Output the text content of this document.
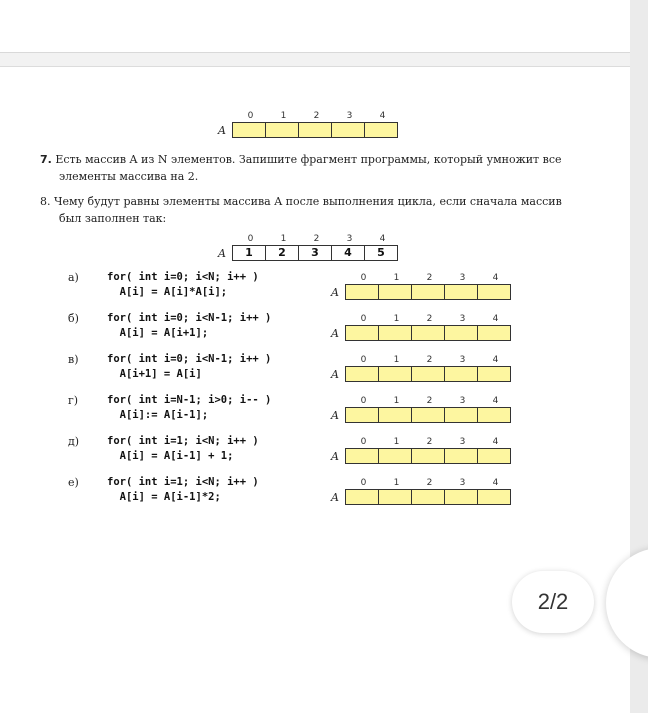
0	1	2	3	4
A
7. Есть массив A из N элементов. Запишите фрагмент программы, который умножит все
элементы массива на 2.
8. Чему будут равны элементы массива A после выполнения цикла, если сначала массив
был заполнен так:
0	1	2	3	4
A	1	2	3	4	5
а)	for( int i=0; i<N; i++ )
A[i] = A[i]*A[i];
0	1	2	3	4
A
б)	for( int i=0; i<N-1; i++ )
A[i] = A[i+1];
0	1	2	3	4
A
в)	for( int i=0; i<N-1; i++ )
A[i+1] = A[i]
0	1	2	3	4
A
г)	for( int i=N-1; i>0; i-- )
A[i]:= A[i-1];
0	1	2	3	4
A
д)	for( int i=1; i<N; i++ )
A[i] = A[i-1] + 1;
0	1	2	3	4
A
е)	for( int i=1; i<N; i++ )
A[i] = A[i-1]*2;
0	1	2	3	4
A
2/2
